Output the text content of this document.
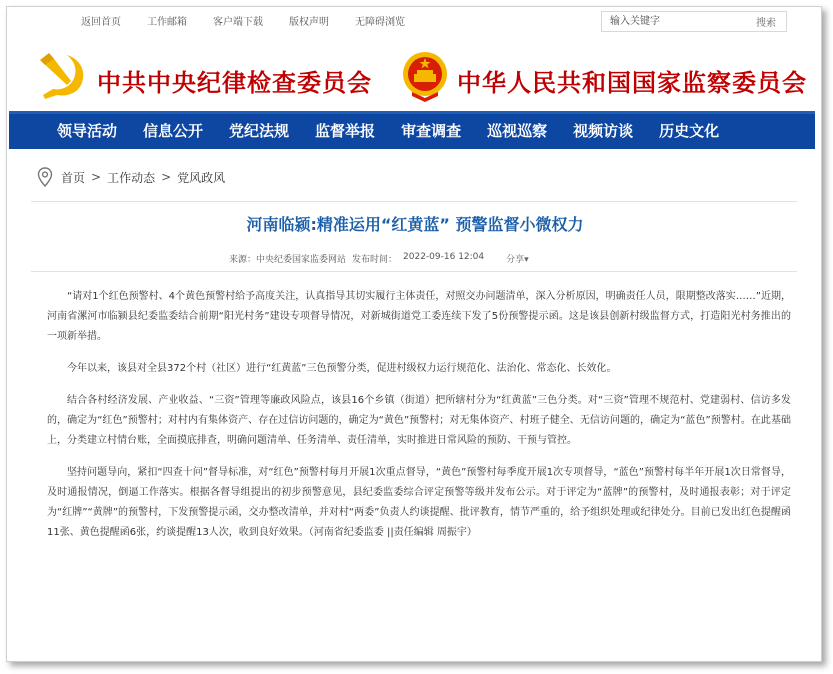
返回首页	工作邮箱	客户端下载	版权声明	无障碍浏览
输入关键字	搜索
中共中央纪律检查委员会	中华人民共和国国家监察委员会
领导活动 信息公开 党纪法规 监督举报 审查调查 巡视巡察 视频访谈 历史文化
首页 > 工作动态 > 党风政风
河南临颍:精准运用“红黄蓝” 预警监督小微权力
来源：中央纪委国家监委网站 发布时间： 2022-09-16 12:04 分享▾

“请对1个红色预警村、4个黄色预警村给予高度关注，认真指导其切实履行主体责任，对照交办问题清单，深入分析原因，明确责任人员，限期整改落实……”近期，河南省漯河市临颍县纪委监委结合前期“阳光村务”建设专项督导情况，对新城街道党工委连续下发了5份预警提示函。这是该县创新村级监督方式，打造阳光村务推出的一项新举措。

今年以来，该县对全县372个村（社区）进行“红黄蓝”三色预警分类，促进村级权力运行规范化、法治化、常态化、长效化。

结合各村经济发展、产业收益、“三资”管理等廉政风险点，该县16个乡镇（街道）把所辖村分为“红黄蓝”三色分类。对“三资”管理不规范村、党建弱村、信访多发的，确定为“红色”预警村；对村内有集体资产、存在过信访问题的，确定为“黄色”预警村；对无集体资产、村班子健全、无信访问题的，确定为“蓝色”预警村。在此基础上，分类建立村情台账，全面摸底排查，明确问题清单、任务清单、责任清单，实时推进日常风险的预防、干预与管控。

坚持问题导向，紧扣“四查十问”督导标准，对“红色”预警村每月开展1次重点督导，“黄色”预警村每季度开展1次专项督导，“蓝色”预警村每半年开展1次日常督导，及时通报情况，倒逼工作落实。根据各督导组提出的初步预警意见，县纪委监委综合评定预警等级并发布公示。对于评定为“蓝牌”的预警村，及时通报表彰；对于评定为“红牌”“黄牌”的预警村，下发预警提示函，交办整改清单，并对村“两委”负责人约谈提醒、批评教育，情节严重的，给予组织处理或纪律处分。目前已发出红色提醒函11张、黄色提醒函6张，约谈提醒13人次，收到良好效果。（河南省纪委监委 ||责任编辑 周振宇）
